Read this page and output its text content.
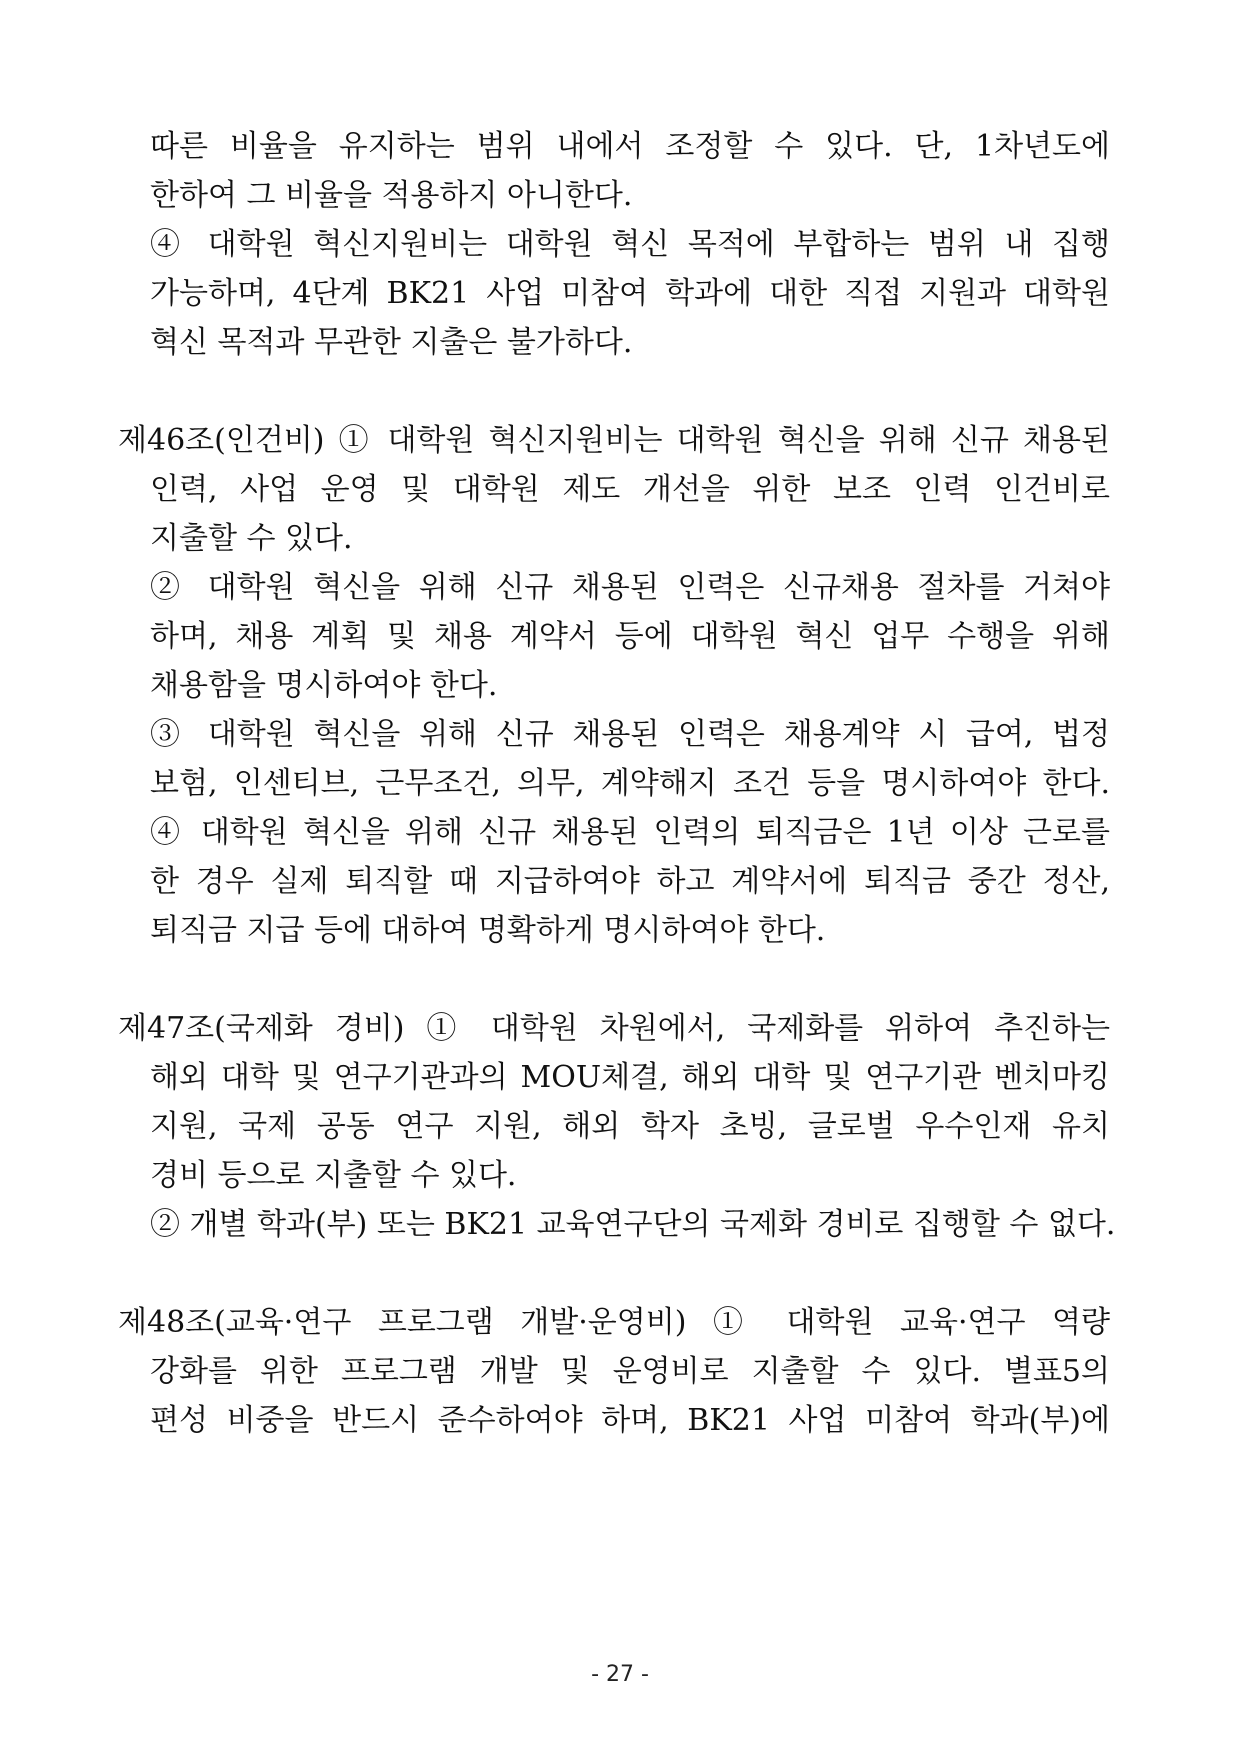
따른 비율을 유지하는 범위 내에서 조정할 수 있다. 단, 1차년도에
한하여 그 비율을 적용하지 아니한다.
④ 대학원 혁신지원비는 대학원 혁신 목적에 부합하는 범위 내 집행
가능하며, 4단계 BK21 사업 미참여 학과에 대한 직접 지원과 대학원
혁신 목적과 무관한 지출은 불가하다.
제46조(인건비) ① 대학원 혁신지원비는 대학원 혁신을 위해 신규 채용된
인력, 사업 운영 및 대학원 제도 개선을 위한 보조 인력 인건비로
지출할 수 있다.
② 대학원 혁신을 위해 신규 채용된 인력은 신규채용 절차를 거쳐야
하며, 채용 계획 및 채용 계약서 등에 대학원 혁신 업무 수행을 위해
채용함을 명시하여야 한다.
③ 대학원 혁신을 위해 신규 채용된 인력은 채용계약 시 급여, 법정
보험, 인센티브, 근무조건, 의무, 계약해지 조건 등을 명시하여야 한다.
④ 대학원 혁신을 위해 신규 채용된 인력의 퇴직금은 1년 이상 근로를
한 경우 실제 퇴직할 때 지급하여야 하고 계약서에 퇴직금 중간 정산,
퇴직금 지급 등에 대하여 명확하게 명시하여야 한다.
제47조(국제화 경비) ① 대학원 차원에서, 국제화를 위하여 추진하는
해외 대학 및 연구기관과의 MOU체결, 해외 대학 및 연구기관 벤치마킹
지원, 국제 공동 연구 지원, 해외 학자 초빙, 글로벌 우수인재 유치
경비 등으로 지출할 수 있다.
② 개별 학과(부) 또는 BK21 교육연구단의 국제화 경비로 집행할 수 없다.
제48조(교육·연구 프로그램 개발·운영비) ① 대학원 교육·연구 역량
강화를 위한 프로그램 개발 및 운영비로 지출할 수 있다. 별표5의
편성 비중을 반드시 준수하여야 하며, BK21 사업 미참여 학과(부)에
- 27 -
